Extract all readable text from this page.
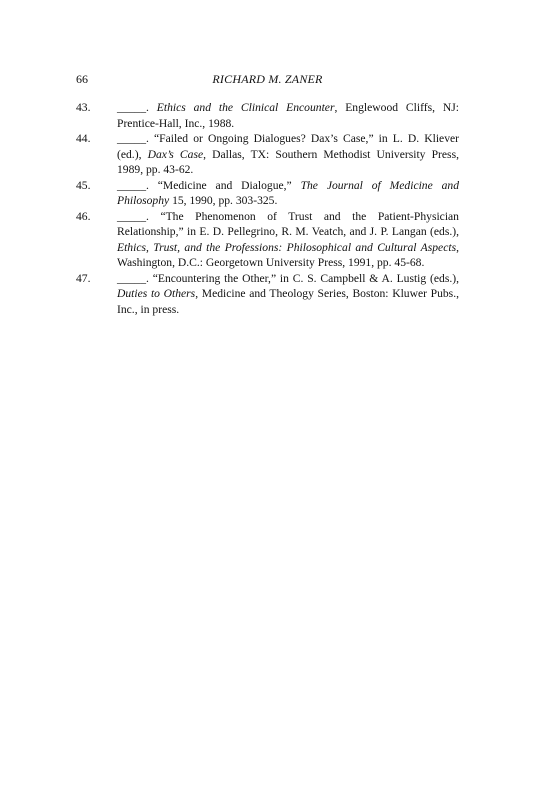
66	RICHARD M. ZANER
43. _____. Ethics and the Clinical Encounter, Englewood Cliffs, NJ: Prentice-Hall, Inc., 1988.
44. _____. “Failed or Ongoing Dialogues? Dax’s Case,” in L. D. Kliever (ed.), Dax’s Case, Dallas, TX: Southern Methodist University Press, 1989, pp. 43-62.
45. _____. “Medicine and Dialogue,” The Journal of Medicine and Philosophy 15, 1990, pp. 303-325.
46. _____. “The Phenomenon of Trust and the Patient-Physician Relationship,” in E. D. Pellegrino, R. M. Veatch, and J. P. Langan (eds.), Ethics, Trust, and the Professions: Philosophical and Cultural Aspects, Washington, D.C.: Georgetown University Press, 1991, pp. 45-68.
47. _____. “Encountering the Other,” in C. S. Campbell & A. Lustig (eds.), Duties to Others, Medicine and Theology Series, Boston: Kluwer Pubs., Inc., in press.
